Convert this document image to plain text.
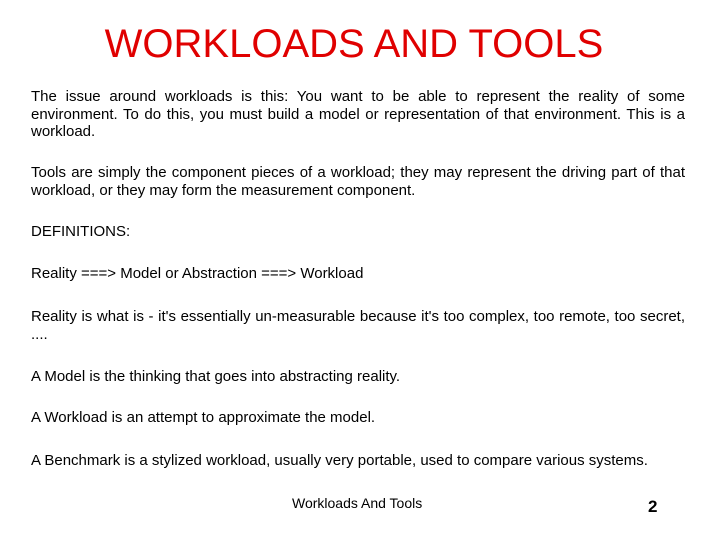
WORKLOADS AND TOOLS

The issue around workloads is this: You want to be able to represent the reality of some environment. To do this, you must build a model or representation of that environment. This is a workload.

Tools are simply the component pieces of a workload; they may represent the driving part of that workload, or they may form the measurement component.

DEFINITIONS:

Reality ===> Model or Abstraction ===> Workload

Reality is what is - it's essentially un-measurable because it's too complex, too remote, too secret, ....

A Model is the thinking that goes into abstracting reality.

A Workload is an attempt to approximate the model.

A Benchmark is a stylized workload, usually very portable, used to compare various systems.

Workloads And Tools	2
